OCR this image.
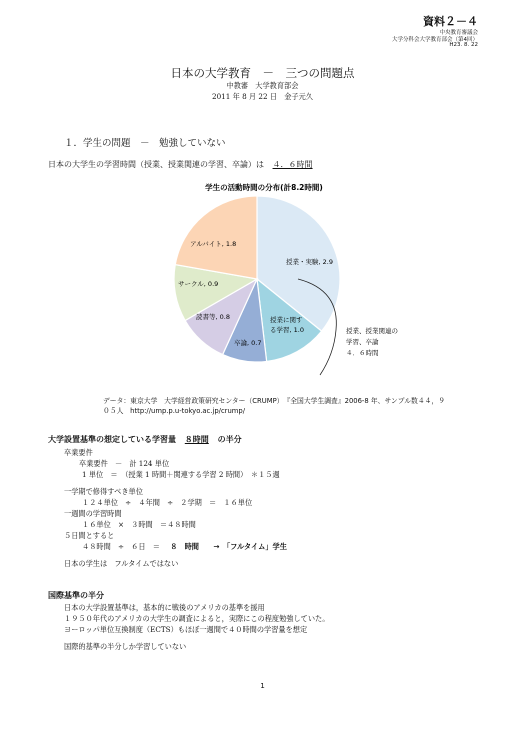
資料２－４
中央教育審議会
大学分科会大学教育部会（第4回）
H23. 8. 22
日本の大学教育　－　三つの問題点
中教審　大学教育部会
2011 年 8 月 22 日　金子元久
１．学生の問題　－　勉強していない
日本の大学生の学習時間（授業、授業関連の学習、卒論）は ４．６時間
学生の活動時間の分布(計8.2時間)
授業・実験, 2.9
授業に関す
る学習, 1.0
卒論, 0.7
読書等, 0.8
サークル, 0.9
アルバイト, 1.8
授業、授業関連の
学習、卒論
４．６時間
データ：東京大学　大学経営政策研究センター（CRUMP）　『全国大学生調査』2006-8 年、サンプル数４４，９
０５人　http://ump.p.u-tokyo.ac.jp/crump/
大学設置基準の想定している学習量 ８時間 の半分
卒業要件
卒業要件　－　計 124 単位
1 単位　＝　（授業 1 時間＋関連する学習 2 時間）　＊１５週
一学期で修得すべき単位
１２４単位　÷　４年間　÷　２学期　＝　１６単位
一週間の学習時間
１６単位　×　３時間　＝４８時間
５日間とすると
４８時間　÷　６日　＝ ８　時間　　→　「フルタイム」学生
日本の学生は　フルタイムではない
国際基準の半分
日本の大学設置基準は，基本的に戦後のアメリカの基準を援用
１９５０年代のアメリカの大学生の調査によると，実際にこの程度勉強していた。
ヨーロッパ単位互換制度（ECTS）もほぼ一週間で４０時間の学習量を想定
国際的基準の半分しか学習していない
1
